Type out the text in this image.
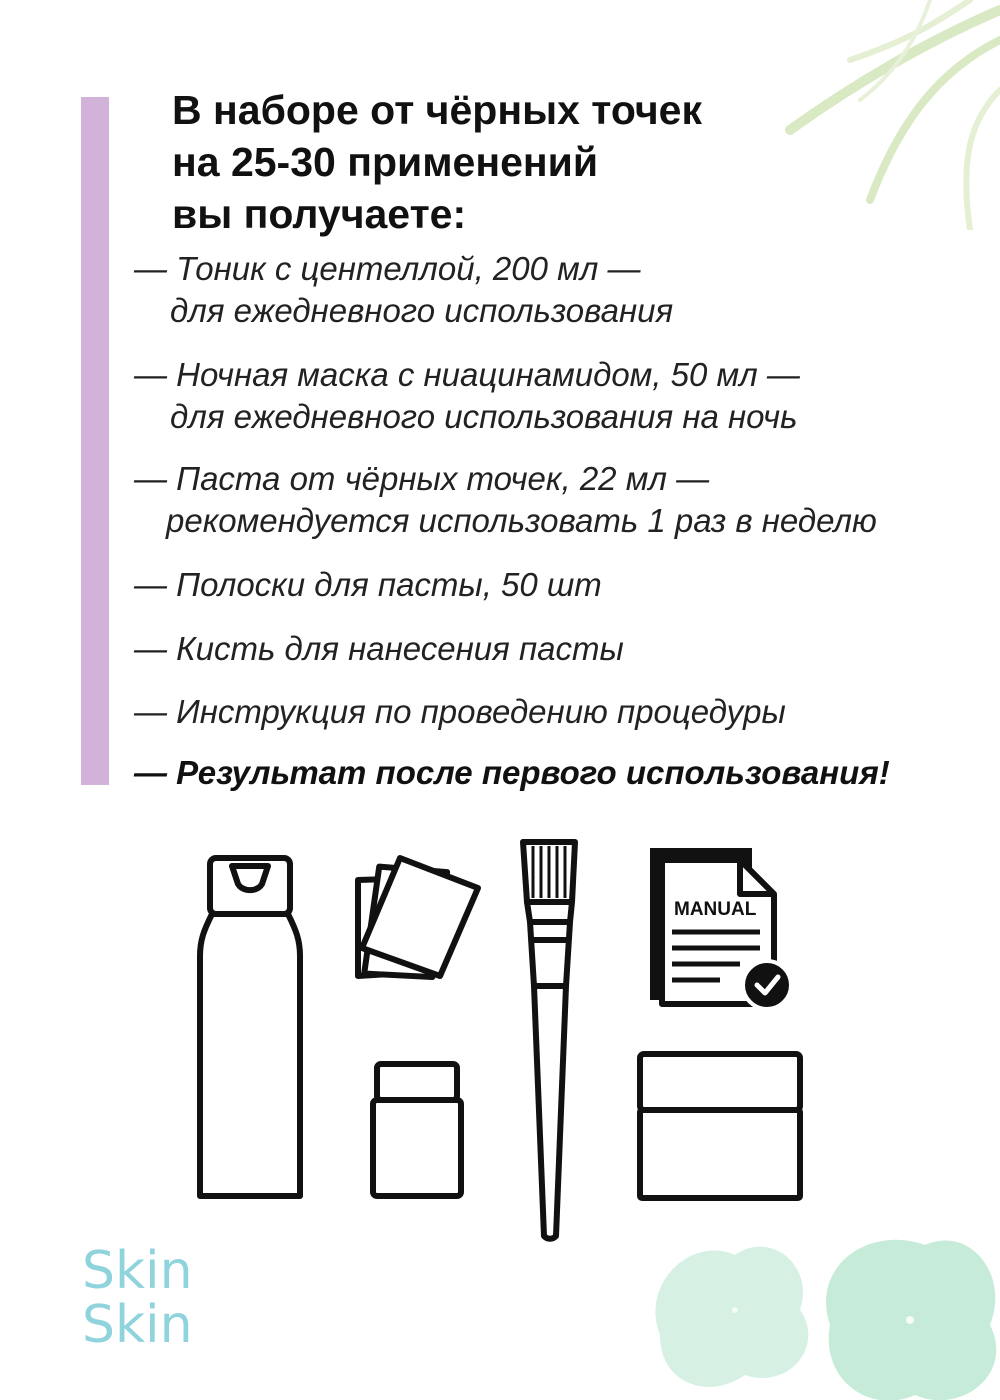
В наборе от чёрных точек
на 25-30 применений
вы получаете:
— Тоник с центеллой, 200 мл —
для ежедневного использования
— Ночная маска с ниацинамидом, 50 мл —
для ежедневного использования на ночь
— Паста от чёрных точек, 22 мл —
рекомендуется использовать 1 раз в неделю
— Полоски для пасты, 50 шт
— Кисть для нанесения пасты
— Инструкция по проведению процедуры
— Результат после первого использования!
MANUAL
Skin
Skin
